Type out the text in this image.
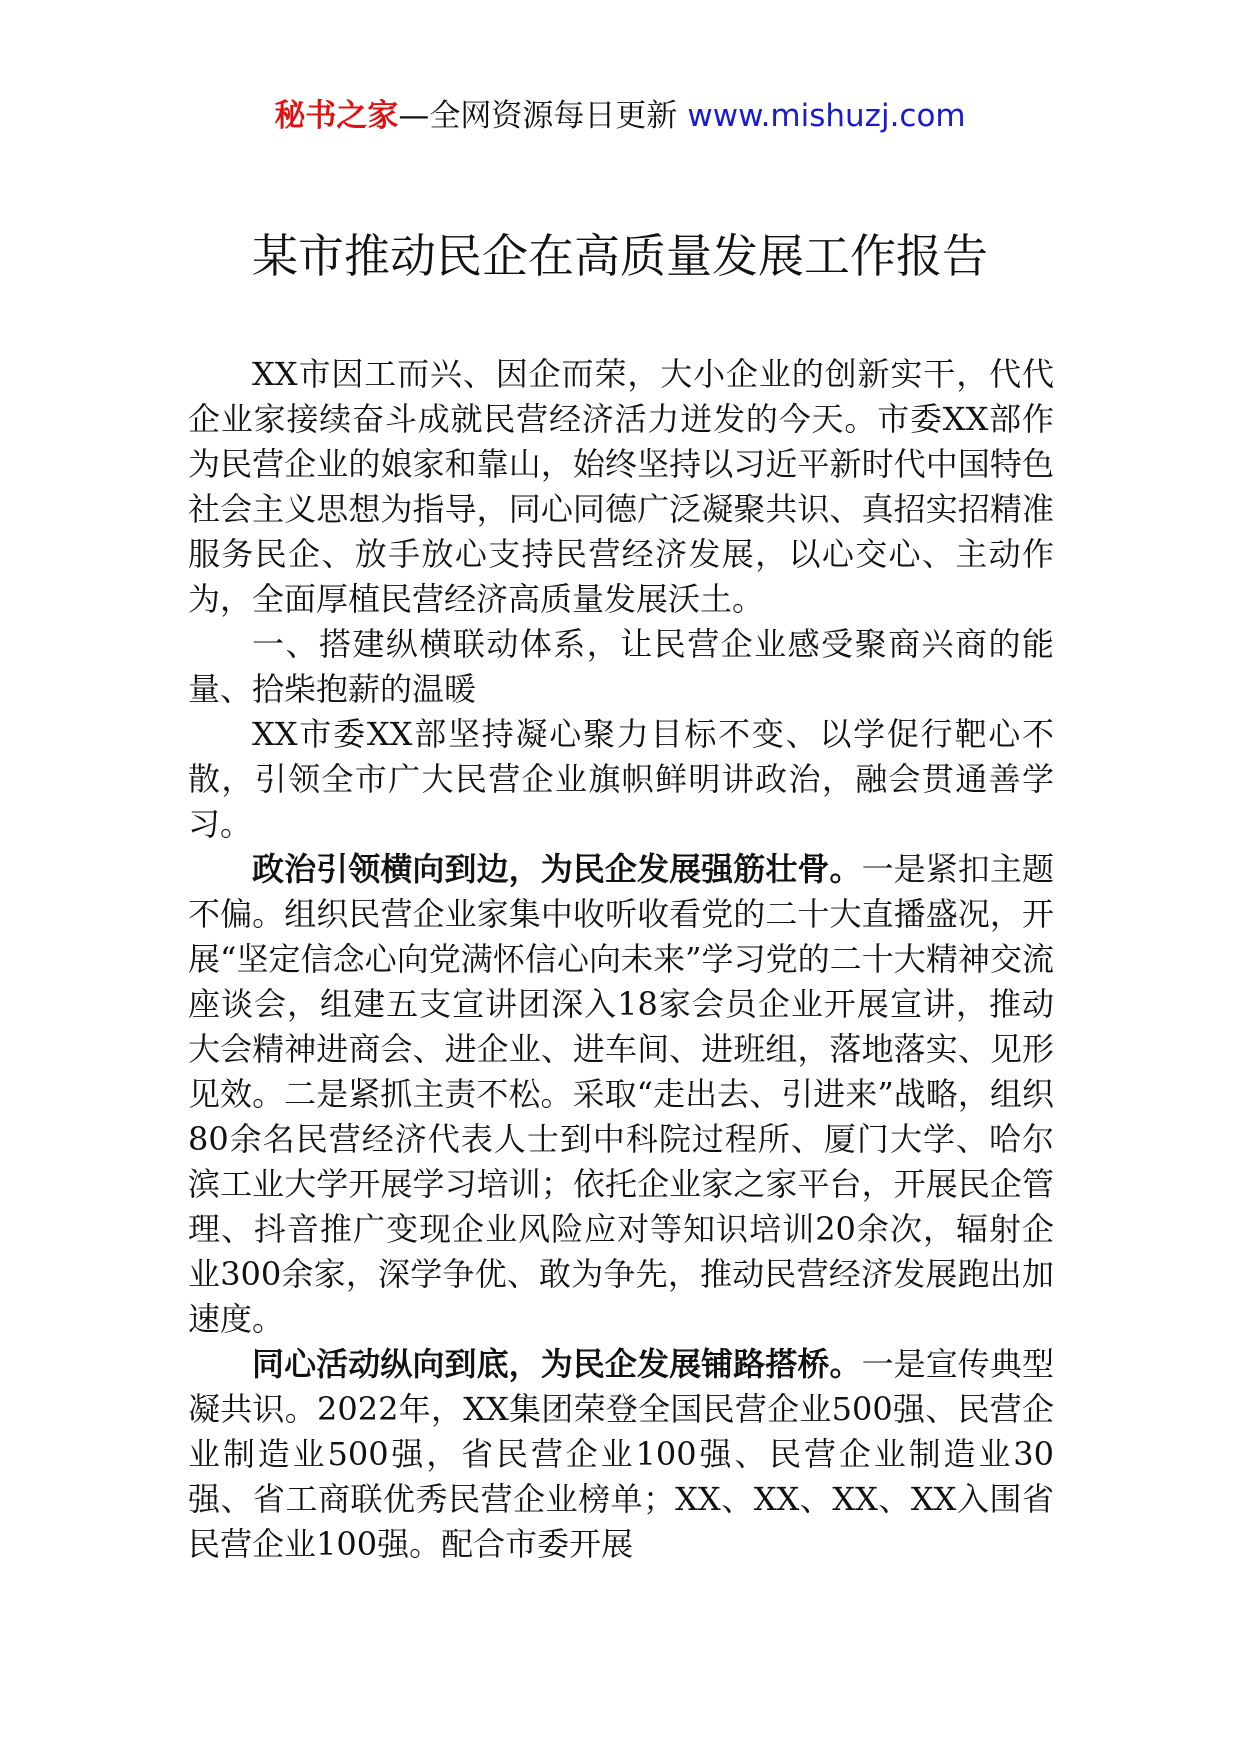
秘书之家—全网资源每日更新 www.mishuzj.com
某市推动民企在高质量发展工作报告

XX市因工而兴、因企而荣，大小企业的创新实干，代代企业家接续奋斗成就民营经济活力迸发的今天。市委XX部作为民营企业的娘家和靠山，始终坚持以习近平新时代中国特色社会主义思想为指导，同心同德广泛凝聚共识、真招实招精准服务民企、放手放心支持民营经济发展，以心交心、主动作为，全面厚植民营经济高质量发展沃土。

一、搭建纵横联动体系，让民营企业感受聚商兴商的能量、拾柴抱薪的温暖

XX市委XX部坚持凝心聚力目标不变、以学促行靶心不散，引领全市广大民营企业旗帜鲜明讲政治，融会贯通善学习。

政治引领横向到边，为民企发展强筋壮骨。一是紧扣主题不偏。组织民营企业家集中收听收看党的二十大直播盛况，开展“坚定信念心向党满怀信心向未来”学习党的二十大精神交流座谈会，组建五支宣讲团深入18家会员企业开展宣讲，推动大会精神进商会、进企业、进车间、进班组，落地落实、见形见效。二是紧抓主责不松。采取“走出去、引进来”战略，组织80余名民营经济代表人士到中科院过程所、厦门大学、哈尔滨工业大学开展学习培训；依托企业家之家平台，开展民企管理、抖音推广变现企业风险应对等知识培训20余次，辐射企业300余家，深学争优、敢为争先，推动民营经济发展跑出加速度。

同心活动纵向到底，为民企发展铺路搭桥。一是宣传典型凝共识。2022年，XX集团荣登全国民营企业500强、民营企业制造业500强，省民营企业100强、民营企业制造业30强、省工商联优秀民营企业榜单；XX、XX、XX、XX入围省民营企业100强。配合市委开展
